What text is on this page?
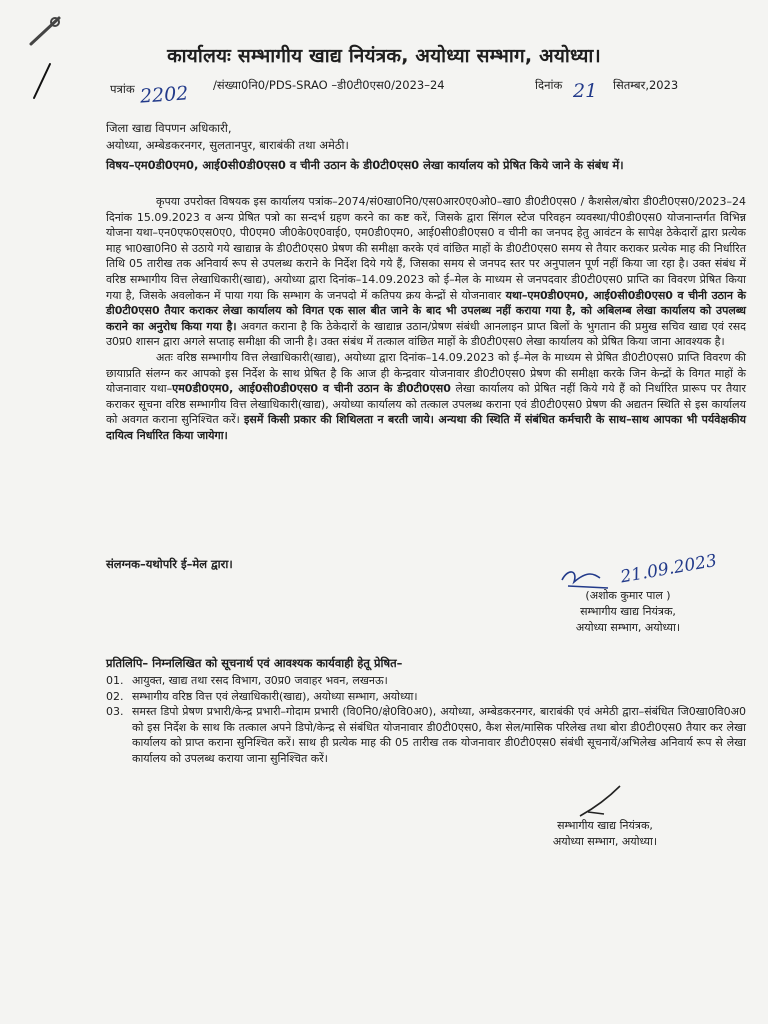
कार्यालयः सम्भागीय खाद्य नियंत्रक, अयोध्या सम्भाग, अयोध्या।
पत्रांक 2202 /संख्या0नि0/PDS-SRAO –डी0टी0एस0/2023–24	दिनांक 21 सितम्बर,2023
जिला खाद्य विपणन अधिकारी,
अयोध्या, अम्बेडकरनगर, सुलतानपुर, बाराबंकी तथा अमेठी।
विषय–एम0डी0एम0, आई0सी0डी0एस0 व चीनी उठान के डी0टी0एस0 लेखा कार्यालय को प्रेषित किये जाने के संबंध में।

कृपया उपरोक्त विषयक इस कार्यालय पत्रांक–2074/सं0खा0नि0/एस0आर0ए0ओ0–खा0 डी0टी0एस0 / कैशसेल/बोरा डी0टी0एस0/2023–24 दिनांक 15.09.2023 व अन्य प्रेषित पत्रो का सन्दर्भ ग्रहण करने का कष्ट करें, जिसके द्वारा सिंगल स्टेज परिवहन व्यवस्था/पी0डी0एस0 योजनान्तर्गत विभिन्न योजना यथा–एन0एफ0एस0ए0, पी0एम0 जी0के0ए0वाई0, एम0डी0एम0, आई0सी0डी0एस0 व चीनी का जनपद हेतु आवंटन के सापेक्ष ठेकेदारों द्वारा प्रत्येक माह भा0खा0नि0 से उठाये गये खाद्यान्न के डी0टी0एस0 प्रेषण की समीक्षा करके एवं वांछित माहों के डी0टी0एस0 समय से तैयार कराकर प्रत्येक माह की निर्धारित तिथि 05 तारीख तक अनिवार्य रूप से उपलब्ध कराने के निर्देश दिये गये हैं, जिसका समय से जनपद स्तर पर अनुपालन पूर्ण नहीं किया जा रहा है। उक्त संबंध में वरिष्ठ सम्भागीय वित्त लेखाधिकारी(खाद्य), अयोध्या द्वारा दिनांक–14.09.2023 को ई–मेल के माध्यम से जनपदवार डी0टी0एस0 प्राप्ति का विवरण प्रेषित किया गया है, जिसके अवलोकन में पाया गया कि सम्भाग के जनपदो में कतिपय क्रय केन्द्रों से योजनावार यथा–एम0डी0एम0, आई0सी0डी0एस0 व चीनी उठान के डी0टी0एस0 तैयार कराकर लेखा कार्यालय को विगत एक साल बीत जाने के बाद भी उपलब्ध नहीं कराया गया है, को अबिलम्ब लेखा कार्यालय को उपलब्ध कराने का अनुरोध किया गया है। अवगत कराना है कि ठेकेदारों के खाद्यान्न उठान/प्रेषण संबंधी आनलाइन प्राप्त बिलों के भुगतान की प्रमुख सचिव खाद्य एवं रसद उ0प्र0 शासन द्वारा अगले सप्ताह समीक्षा की जानी है। उक्त संबंध में तत्काल वांछित माहों के डी0टी0एस0 लेखा कार्यालय को प्रेषित किया जाना आवश्यक है।

अतः वरिष्ठ सम्भागीय वित्त लेखाधिकारी(खाद्य), अयोध्या द्वारा दिनांक–14.09.2023 को ई–मेल के माध्यम से प्रेषित डी0टी0एस0 प्राप्ति विवरण की छायाप्रति संलग्न कर आपको इस निर्देश के साथ प्रेषित है कि आज ही केन्द्रवार योजनावार डी0टी0एस0 प्रेषण की समीक्षा करके जिन केन्द्रों के विगत माहों के योजनावार यथा–एम0डी0एम0, आई0सी0डी0एस0 व चीनी उठान के डी0टी0एस0 लेखा कार्यालय को प्रेषित नहीं किये गये हैं को निर्धारित प्रारूप पर तैयार कराकर सूचना वरिष्ठ सम्भागीय वित्त लेखाधिकारी(खाद्य), अयोध्या कार्यालय को तत्काल उपलब्ध कराना एवं डी0टी0एस0 प्रेषण की अद्यतन स्थिति से इस कार्यालय को अवगत कराना सुनिश्चित करें। इसमें किसी प्रकार की शिथिलता न बरती जाये। अन्यथा की स्थिति में संबंधित कर्मचारी के साथ–साथ आपका भी पर्यवेक्षकीय दायित्व निर्धारित किया जायेगा।

संलग्नक–यथोपरि ई–मेल द्वारा।	21.09.2023
(अशोक कुमार पाल )
सम्भागीय खाद्य नियंत्रक,
अयोध्या सम्भाग, अयोध्या।
प्रतिलिपि– निम्नलिखित को सूचनार्थ एवं आवश्यक कार्यवाही हेतू प्रेषित–
01. आयुक्त, खाद्य तथा रसद विभाग, उ0प्र0 जवाहर भवन, लखनऊ।
02. सम्भागीय वरिष्ठ वित्त एवं लेखाधिकारी(खाद्य), अयोध्या सम्भाग, अयोध्या।
03. समस्त डिपो प्रेषण प्रभारी/केन्द्र प्रभारी–गोदाम प्रभारी (वि0नि0/क्षे0वि0अ0), अयोध्या, अम्बेडकरनगर, बाराबंकी एवं अमेठी द्वारा–संबंधित जि0खा0वि0अ0 को इस निर्देश के साथ कि तत्काल अपने डिपो/केन्द्र से संबंधित योजनावार डी0टी0एस0, कैश सेल/मासिक परिलेख तथा बोरा डी0टी0एस0 तैयार कर लेखा कार्यालय को प्राप्त कराना सुनिश्चित करें। साथ ही प्रत्येक माह की 05 तारीख तक योजनावार डी0टी0एस0 संबंधी सूचनायें/अभिलेख अनिवार्य रूप से लेखा कार्यालय को उपलब्ध कराया जाना सुनिश्चित करें।
सम्भागीय खाद्य नियंत्रक,
अयोध्या सम्भाग, अयोध्या।
